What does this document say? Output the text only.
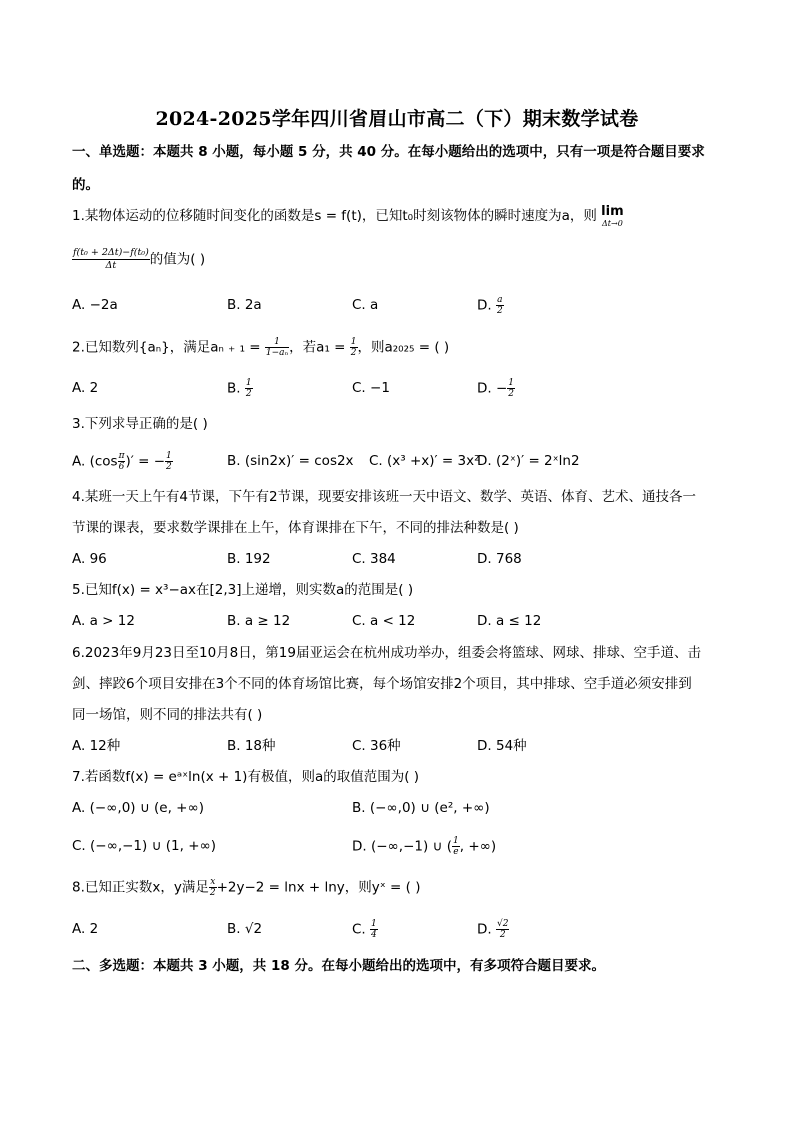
2024-2025学年四川省眉山市高二（下）期末数学试卷
一、单选题：本题共 8 小题，每小题 5 分，共 40 分。在每小题给出的选项中，只有一项是符合题目要求
的。
1.某物体运动的位移随时间变化的函数是s = f(t)，已知t₀时刻该物体的瞬时速度为a，则 lim
Δt→0
$\frac{\text{f(t₀ + 2Δt)−f(t₀)}}{\Delta t}$ 的值为( )
A. −2a	B. 2a	C. a	D. $\frac{a}{2}$
2.已知数列{aₙ}，满足aₙ ₊ $_1 = \frac{1}{\text{1−aₙ}}$ ，若$a_1 = \frac{1}{2}$ ，则a₂₀₂₅ = ( )
A. 2	B. $\frac{1}{2}$	C. −1	D. − $\frac{1}{2}$
3.下列求导正确的是( )
A. ($\cos \frac{\pi}{6}$ )′ = − $\frac{1}{2}$	B. (sin2x)′ = cos2x C. (x³ +x)′ = 3x²
D. (2ˣ)′ = 2ˣln2
4.某班一天上午有4节课，下午有2节课，现要安排该班一天中语文、数学、英语、体育、艺术、通技各一
节课的课表，要求数学课排在上午，体育课排在下午，不同的排法种数是( )
A. 96	B. 192	C. 384	D. 768
5.已知f(x) = x³−ax在[2,3]上递增，则实数a的范围是( )
A. a > 12	B. a ≥ 12	C. a < 12	D. a ≤ 12
6.2023年9月23日至10月8日，第19届亚运会在杭州成功举办，组委会将篮球、网球、排球、空手道、击
剑、摔跤6个项目安排在3个不同的体育场馆比赛，每个场馆安排2个项目，其中排球、空手道必须安排到
同一场馆，则不同的排法共有( )
A. 12种	B. 18种	C. 36种	D. 54种
7.若函数f(x) = eᵃˣln(x + 1)有极值，则a的取值范围为( )
A. (−∞,0) ∪ (e, +∞)	B. (−∞,0) ∪ (e², +∞)
C. (−∞,−1) ∪ (1, +∞)	D. (−∞,−1) ∪ ( $\frac{1}{e}$ , +∞)
8.已知正实数x，y满足 $\frac{x}{2} +2y-2 = \ln x + \ln y$，则yˣ = ( )
A. 2	B. √2	C. $\frac{1}{4}$	D. $\frac{√2}{2}$
二、多选题：本题共 3 小题，共 18 分。在每小题给出的选项中，有多项符合题目要求。
